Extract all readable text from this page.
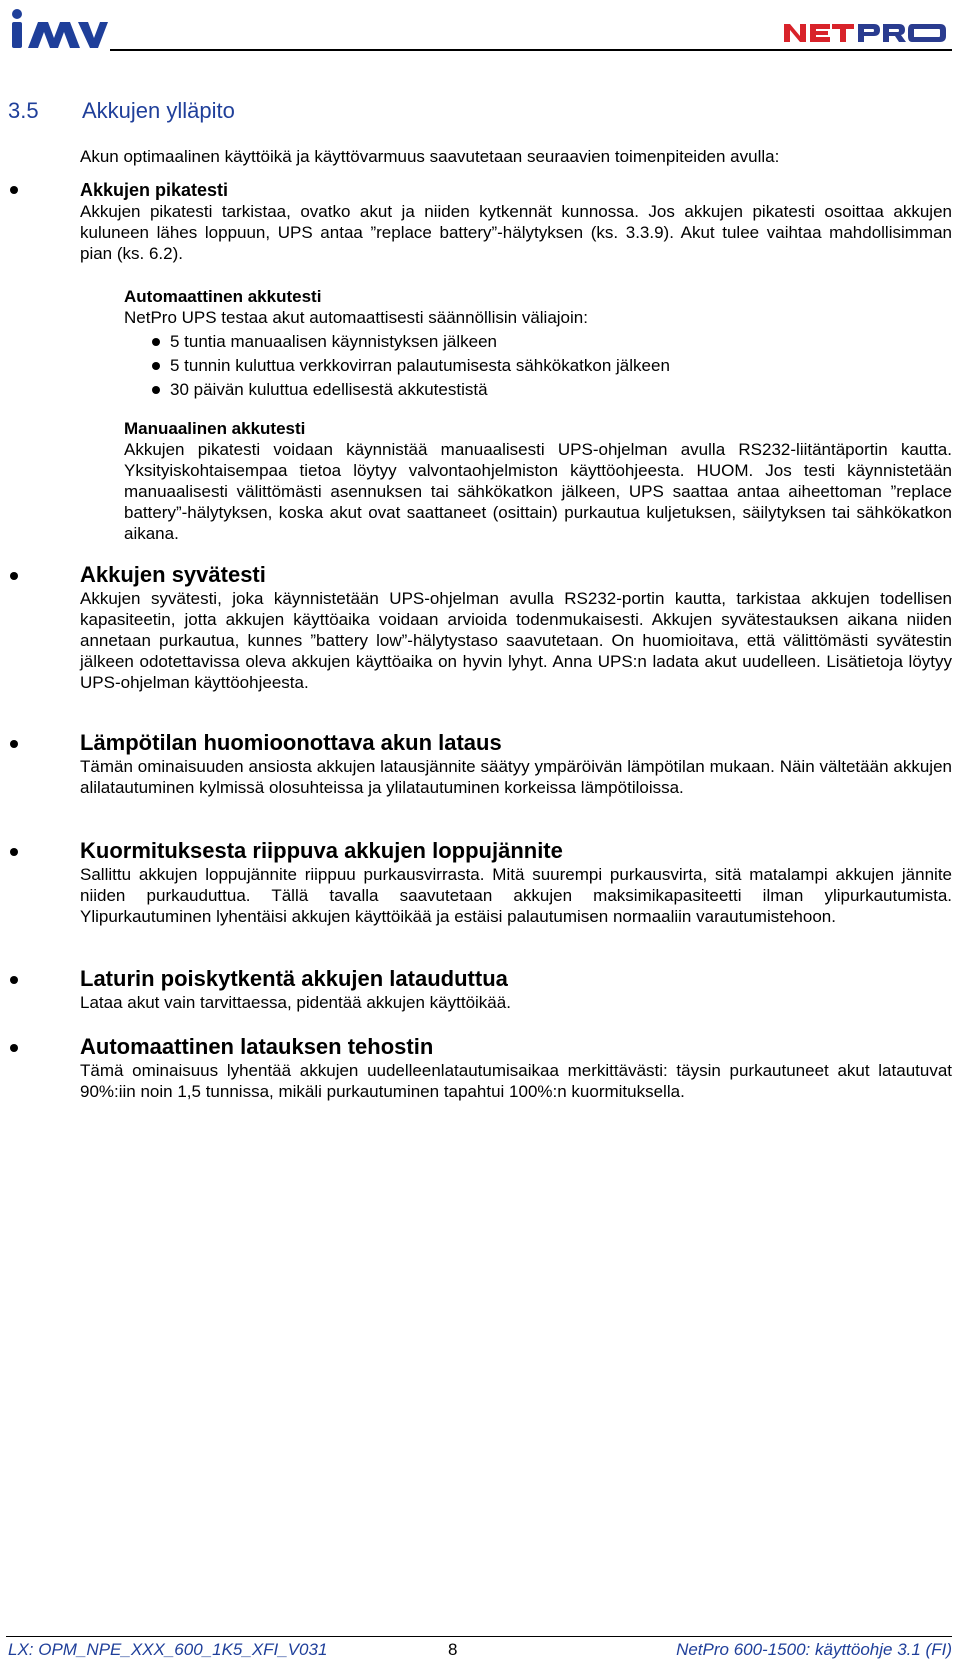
3.5 Akkujen ylläpito
Akun optimaalinen käyttöikä ja käyttövarmuus saavutetaan seuraavien toimenpiteiden avulla:
Akkujen pikatesti
Akkujen pikatesti tarkistaa, ovatko akut ja niiden kytkennät kunnossa. Jos akkujen pikatesti osoittaa akkujen kuluneen lähes loppuun, UPS antaa ”replace battery”-hälytyksen (ks. 3.3.9). Akut tulee vaihtaa mahdollisimman pian (ks. 6.2).
Automaattinen akkutesti
NetPro UPS testaa akut automaattisesti säännöllisin väliajoin:
5 tuntia manuaalisen käynnistyksen jälkeen
5 tunnin kuluttua verkkovirran palautumisesta sähkökatkon jälkeen
30 päivän kuluttua edellisestä akkutestistä
Manuaalinen akkutesti
Akkujen pikatesti voidaan käynnistää manuaalisesti UPS-ohjelman avulla RS232-liitäntäportin kautta. Yksityiskohtaisempaa tietoa löytyy valvontaohjelmiston käyttöohjeesta. HUOM. Jos testi käynnistetään manuaalisesti välittömästi asennuksen tai sähkökatkon jälkeen, UPS saattaa antaa aiheettoman ”replace battery”-hälytyksen, koska akut ovat saattaneet (osittain) purkautua kuljetuksen, säilytyksen tai sähkökatkon aikana.
Akkujen syvätesti
Akkujen syvätesti, joka käynnistetään UPS-ohjelman avulla RS232-portin kautta, tarkistaa akkujen todellisen kapasiteetin, jotta akkujen käyttöaika voidaan arvioida todenmukaisesti. Akkujen syvätestauksen aikana niiden annetaan purkautua, kunnes ”battery low”-hälytystaso saavutetaan. On huomioitava, että välittömästi syvätestin jälkeen odotettavissa oleva akkujen käyttöaika on hyvin lyhyt. Anna UPS:n ladata akut uudelleen. Lisätietoja löytyy UPS-ohjelman käyttöohjeesta.
Lämpötilan huomioonottava akun lataus
Tämän ominaisuuden ansiosta akkujen latausjännite säätyy ympäröivän lämpötilan mukaan. Näin vältetään akkujen alilatautuminen kylmissä olosuhteissa ja ylilatautuminen korkeissa lämpötiloissa.
Kuormituksesta riippuva akkujen loppujännite
Sallittu akkujen loppujännite riippuu purkausvirrasta. Mitä suurempi purkausvirta, sitä matalampi akkujen jännite niiden purkauduttua. Tällä tavalla saavutetaan akkujen maksimikapasiteetti ilman ylipurkautumista. Ylipurkautuminen lyhentäisi akkujen käyttöikää ja estäisi palautumisen normaaliin varautumistehoon.
Laturin poiskytkentä akkujen latauduttua
Lataa akut vain tarvittaessa, pidentää akkujen käyttöikää.
Automaattinen latauksen tehostin
Tämä ominaisuus lyhentää akkujen uudelleenlatautumisaikaa merkittävästi: täysin purkautuneet akut latautuvat 90%:iin noin 1,5 tunnissa, mikäli purkautuminen tapahtui 100%:n kuormituksella.
LX: OPM_NPE_XXX_600_1K5_XFI_V031	8	NetPro 600-1500: käyttöohje 3.1 (FI)
